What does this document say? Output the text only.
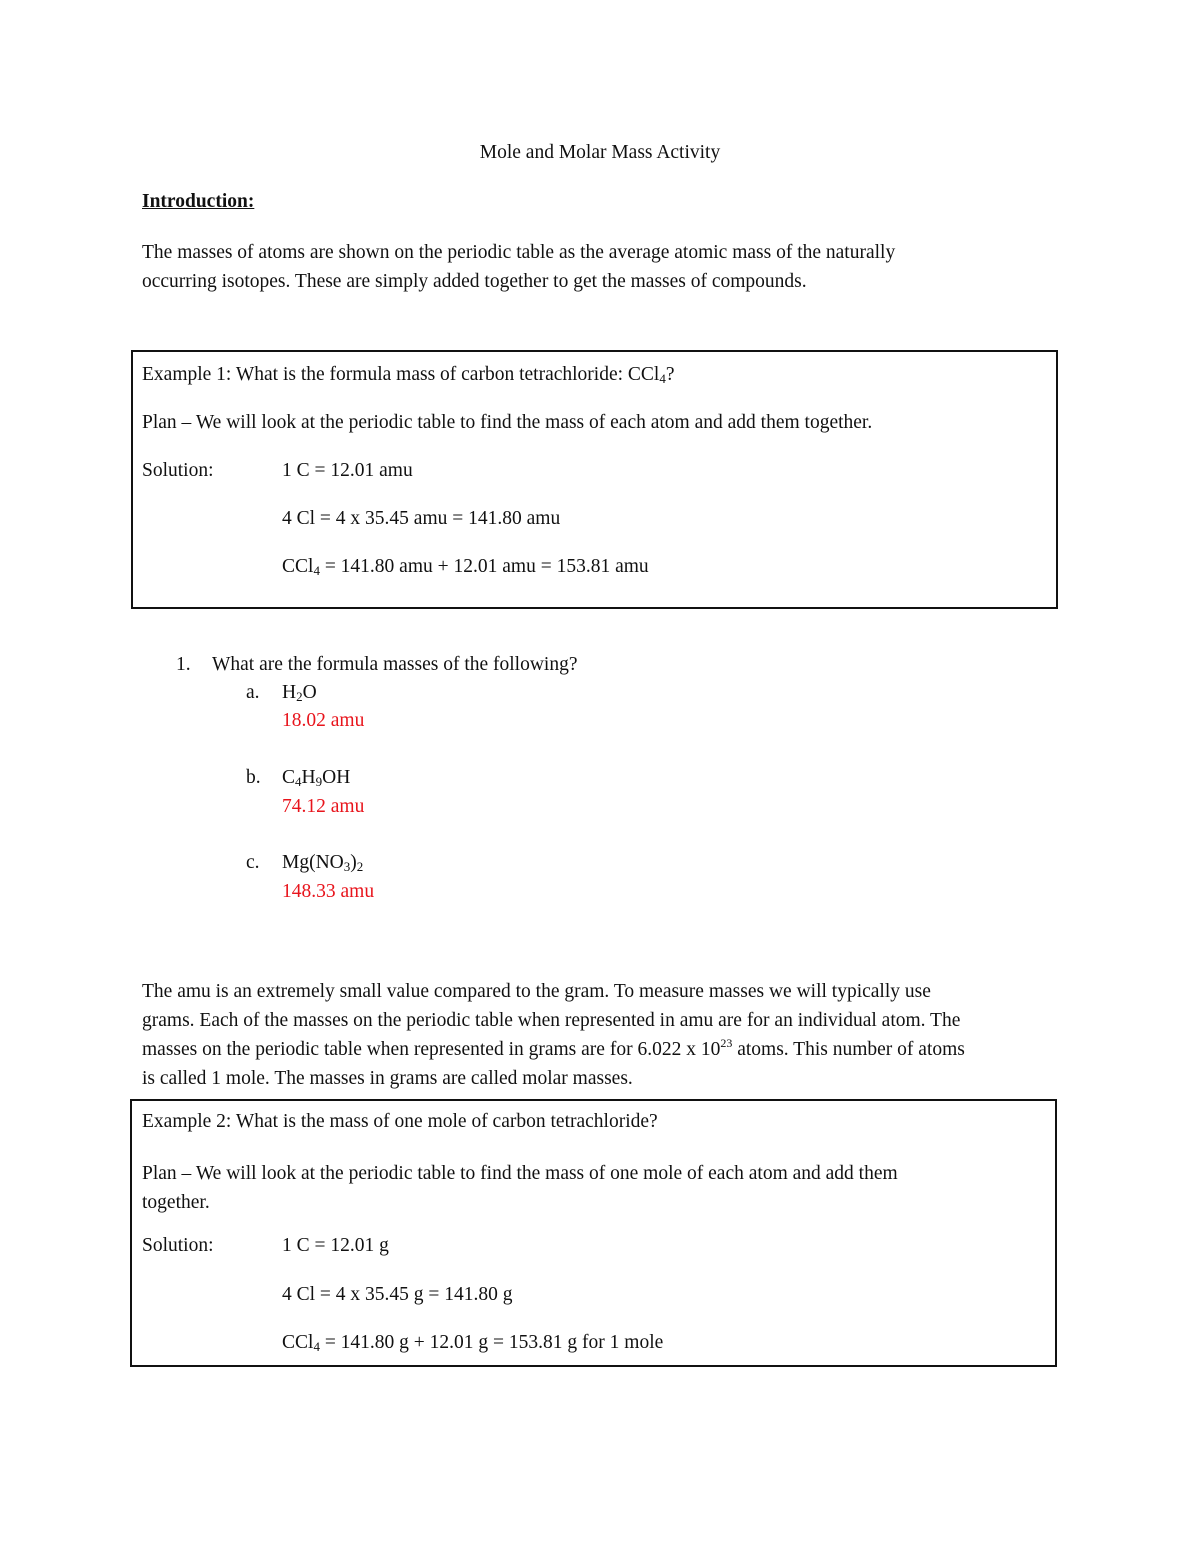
Mole and Molar Mass Activity
Introduction:
The masses of atoms are shown on the periodic table as the average atomic mass of the naturally
occurring isotopes. These are simply added together to get the masses of compounds.
Example 1: What is the formula mass of carbon tetrachloride: CCl$_4$?
Plan – We will look at the periodic table to find the mass of each atom and add them together.
Solution:	1 C = 12.01 amu
4 Cl = 4 x 35.45 amu = 141.80 amu
CCl$_4$ = 141.80 amu + 12.01 amu = 153.81 amu
1. What are the formula masses of the following?
a. $H_2O$
18.02 amu
b. $C_4H_9OH$
74.12 amu
c. $Mg(NO_3)_2$
148.33 amu
The amu is an extremely small value compared to the gram. To measure masses we will typically use
grams. Each of the masses on the periodic table when represented in amu are for an individual atom. The
masses on the periodic table when represented in grams are for 6.022 x $10^{23}$ atoms. This number of atoms
is called 1 mole. The masses in grams are called molar masses.
Example 2: What is the mass of one mole of carbon tetrachloride?
Plan – We will look at the periodic table to find the mass of one mole of each atom and add them
together.
Solution:	1 C = 12.01 g
4 Cl = 4 x 35.45 g = 141.80 g
CCl$_4$ = 141.80 g + 12.01 g = 153.81 g for 1 mole
